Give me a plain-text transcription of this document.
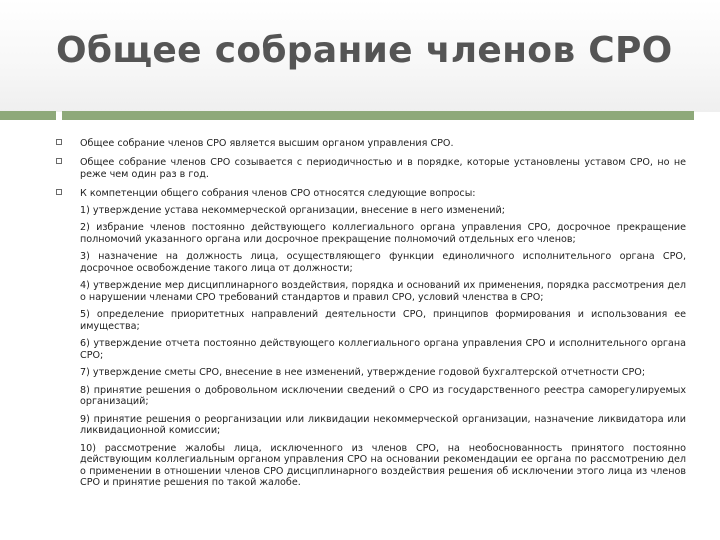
Общее собрание членов СРО
Общее собрание членов СРО является высшим органом управления СРО.
Общее собрание членов СРО созывается с периодичностью и в порядке, которые установлены уставом СРО, но не реже чем один раз в год.
К компетенции общего собрания членов СРО относятся следующие вопросы:
1) утверждение устава некоммерческой организации, внесение в него изменений;
2) избрание членов постоянно действующего коллегиального органа управления СРО, досрочное прекращение полномочий указанного органа или досрочное прекращение полномочий отдельных его членов;
3) назначение на должность лица, осуществляющего функции единоличного исполнительного органа СРО, досрочное освобождение такого лица от должности;
4) утверждение мер дисциплинарного воздействия, порядка и оснований их применения, порядка рассмотрения дел о нарушении членами СРО требований стандартов и правил СРО, условий членства в СРО;
5) определение приоритетных направлений деятельности СРО, принципов формирования и использования ее имущества;
6) утверждение отчета постоянно действующего коллегиального органа управления СРО и исполнительного органа СРО;
7) утверждение сметы СРО, внесение в нее изменений, утверждение годовой бухгалтерской отчетности СРО;
8) принятие решения о добровольном исключении сведений о СРО из государственного реестра саморегулируемых организаций;
9) принятие решения о реорганизации или ликвидации некоммерческой организации, назначение ликвидатора или ликвидационной комиссии;
10) рассмотрение жалобы лица, исключенного из членов СРО, на необоснованность принятого постоянно действующим коллегиальным органом управления СРО на основании рекомендации ее органа по рассмотрению дел о применении в отношении членов СРО дисциплинарного воздействия решения об исключении этого лица из членов СРО и принятие решения по такой жалобе.
